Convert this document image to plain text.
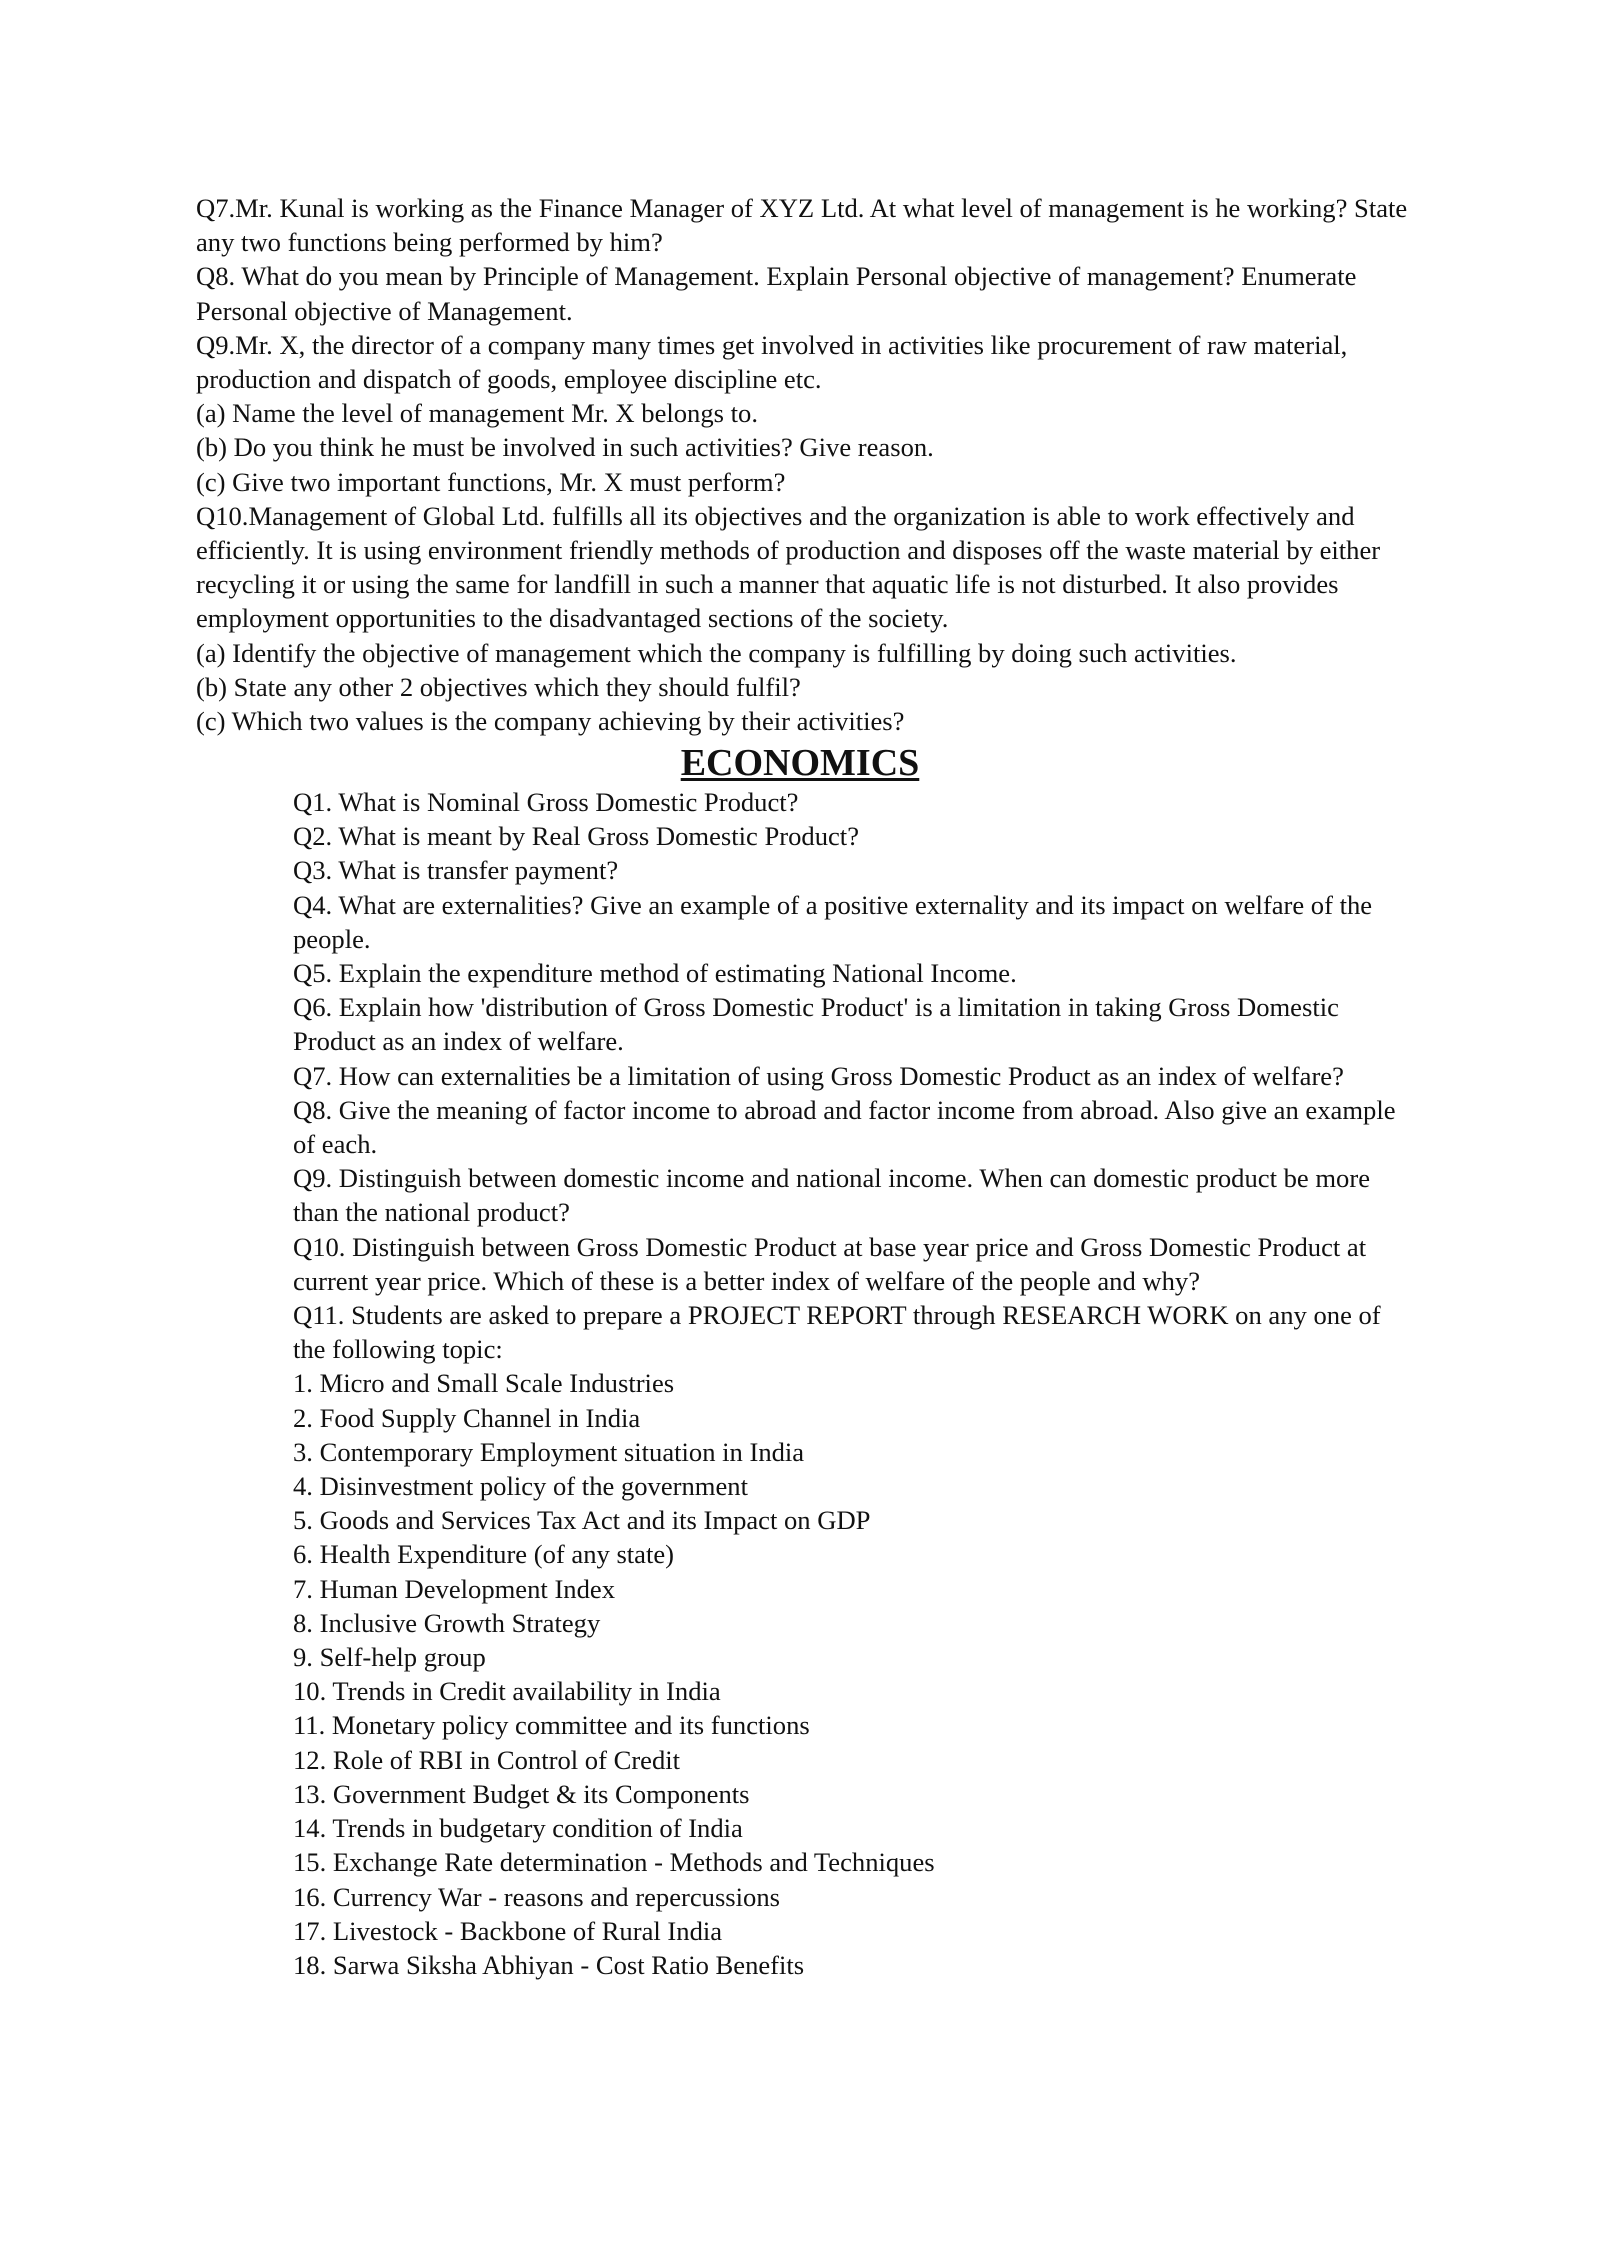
Q7.Mr. Kunal is working as the Finance Manager of XYZ Ltd. At what level of management is he working? State any two functions being performed by him?

Q8. What do you mean by Principle of Management. Explain Personal objective of management? Enumerate Personal objective of Management.

Q9.Mr. X, the director of a company many times get involved in activities like procurement of raw material, production and dispatch of goods, employee discipline etc.

(a) Name the level of management Mr. X belongs to.

(b) Do you think he must be involved in such activities? Give reason.

(c) Give two important functions, Mr. X must perform?

Q10.Management of Global Ltd. fulfills all its objectives and the organization is able to work effectively and efficiently. It is using environment friendly methods of production and disposes off the waste material by either recycling it or using the same for landfill in such a manner that aquatic life is not disturbed. It also provides employment opportunities to the disadvantaged sections of the society.

(a) Identify the objective of management which the company is fulfilling by doing such activities.

(b) State any other 2 objectives which they should fulfil?

(c) Which two values is the company achieving by their activities?

ECONOMICS

Q1. What is Nominal Gross Domestic Product?

Q2. What is meant by Real Gross Domestic Product?

Q3. What is transfer payment?

Q4. What are externalities? Give an example of a positive externality and its impact on welfare of the people.

Q5. Explain the expenditure method of estimating National Income.

Q6. Explain how 'distribution of Gross Domestic Product' is a limitation in taking Gross Domestic Product as an index of welfare.

Q7. How can externalities be a limitation of using Gross Domestic Product as an index of welfare?

Q8. Give the meaning of factor income to abroad and factor income from abroad. Also give an example of each.

Q9. Distinguish between domestic income and national income. When can domestic product be more than the national product?

Q10. Distinguish between Gross Domestic Product at base year price and Gross Domestic Product at current year price. Which of these is a better index of welfare of the people and why?

Q11. Students are asked to prepare a PROJECT REPORT through RESEARCH WORK on any one of the following topic:

1. Micro and Small Scale Industries
2. Food Supply Channel in India
3. Contemporary Employment situation in India
4. Disinvestment policy of the government
5. Goods and Services Tax Act and its Impact on GDP
6. Health Expenditure (of any state)
7. Human Development Index
8. Inclusive Growth Strategy
9. Self-help group
10. Trends in Credit availability in India
11. Monetary policy committee and its functions
12. Role of RBI in Control of Credit
13. Government Budget & its Components
14. Trends in budgetary condition of India
15. Exchange Rate determination - Methods and Techniques
16. Currency War - reasons and repercussions
17. Livestock - Backbone of Rural India
18. Sarwa Siksha Abhiyan - Cost Ratio Benefits
